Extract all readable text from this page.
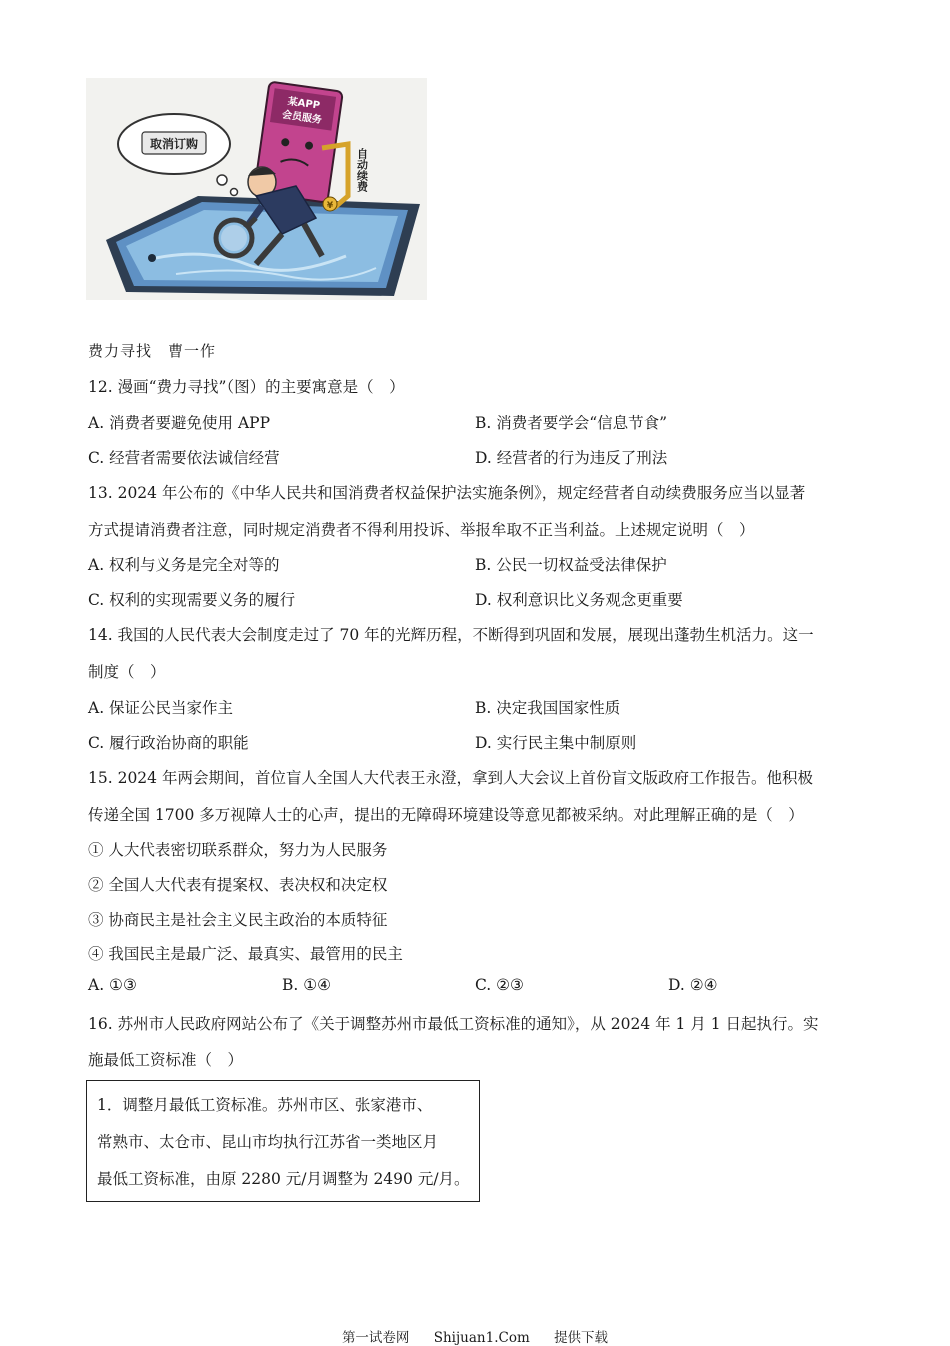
取消订购
某APP
会员服务
自动续费
¥
费力寻找　曹一作
12. 漫画“费力寻找”（图）的主要寓意是（　）
A. 消费者要避免使用 APP	B. 消费者要学会“信息节食”
C. 经营者需要依法诚信经营	D. 经营者的行为违反了刑法
13. 2024 年公布的《中华人民共和国消费者权益保护法实施条例》，规定经营者自动续费服务应当以显著
方式提请消费者注意，同时规定消费者不得利用投诉、举报牟取不正当利益。上述规定说明（　）
A. 权利与义务是完全对等的	B. 公民一切权益受法律保护
C. 权利的实现需要义务的履行	D. 权利意识比义务观念更重要
14. 我国的人民代表大会制度走过了 70 年的光辉历程，不断得到巩固和发展，展现出蓬勃生机活力。这一
制度（　）
A. 保证公民当家作主	B. 决定我国国家性质
C. 履行政治协商的职能	D. 实行民主集中制原则
15. 2024 年两会期间，首位盲人全国人大代表王永澄，拿到人大会议上首份盲文版政府工作报告。他积极
传递全国 1700 多万视障人士的心声，提出的无障碍环境建设等意见都被采纳。对此理解正确的是（　）
① 人大代表密切联系群众，努力为人民服务
② 全国人大代表有提案权、表决权和决定权
③ 协商民主是社会主义民主政治的本质特征
④ 我国民主是最广泛、最真实、最管用的民主
A. ①③	B. ①④	C. ②③	D. ②④
16. 苏州市人民政府网站公布了《关于调整苏州市最低工资标准的通知》，从 2024 年 1 月 1 日起执行。实
施最低工资标准（　）
1．调整月最低工资标准。苏州市区、张家港市、
常熟市、太仓市、昆山市均执行江苏省一类地区月
最低工资标准，由原 2280 元/月调整为 2490 元/月。
第一试卷网 Shijuan1.Com 提供下载
